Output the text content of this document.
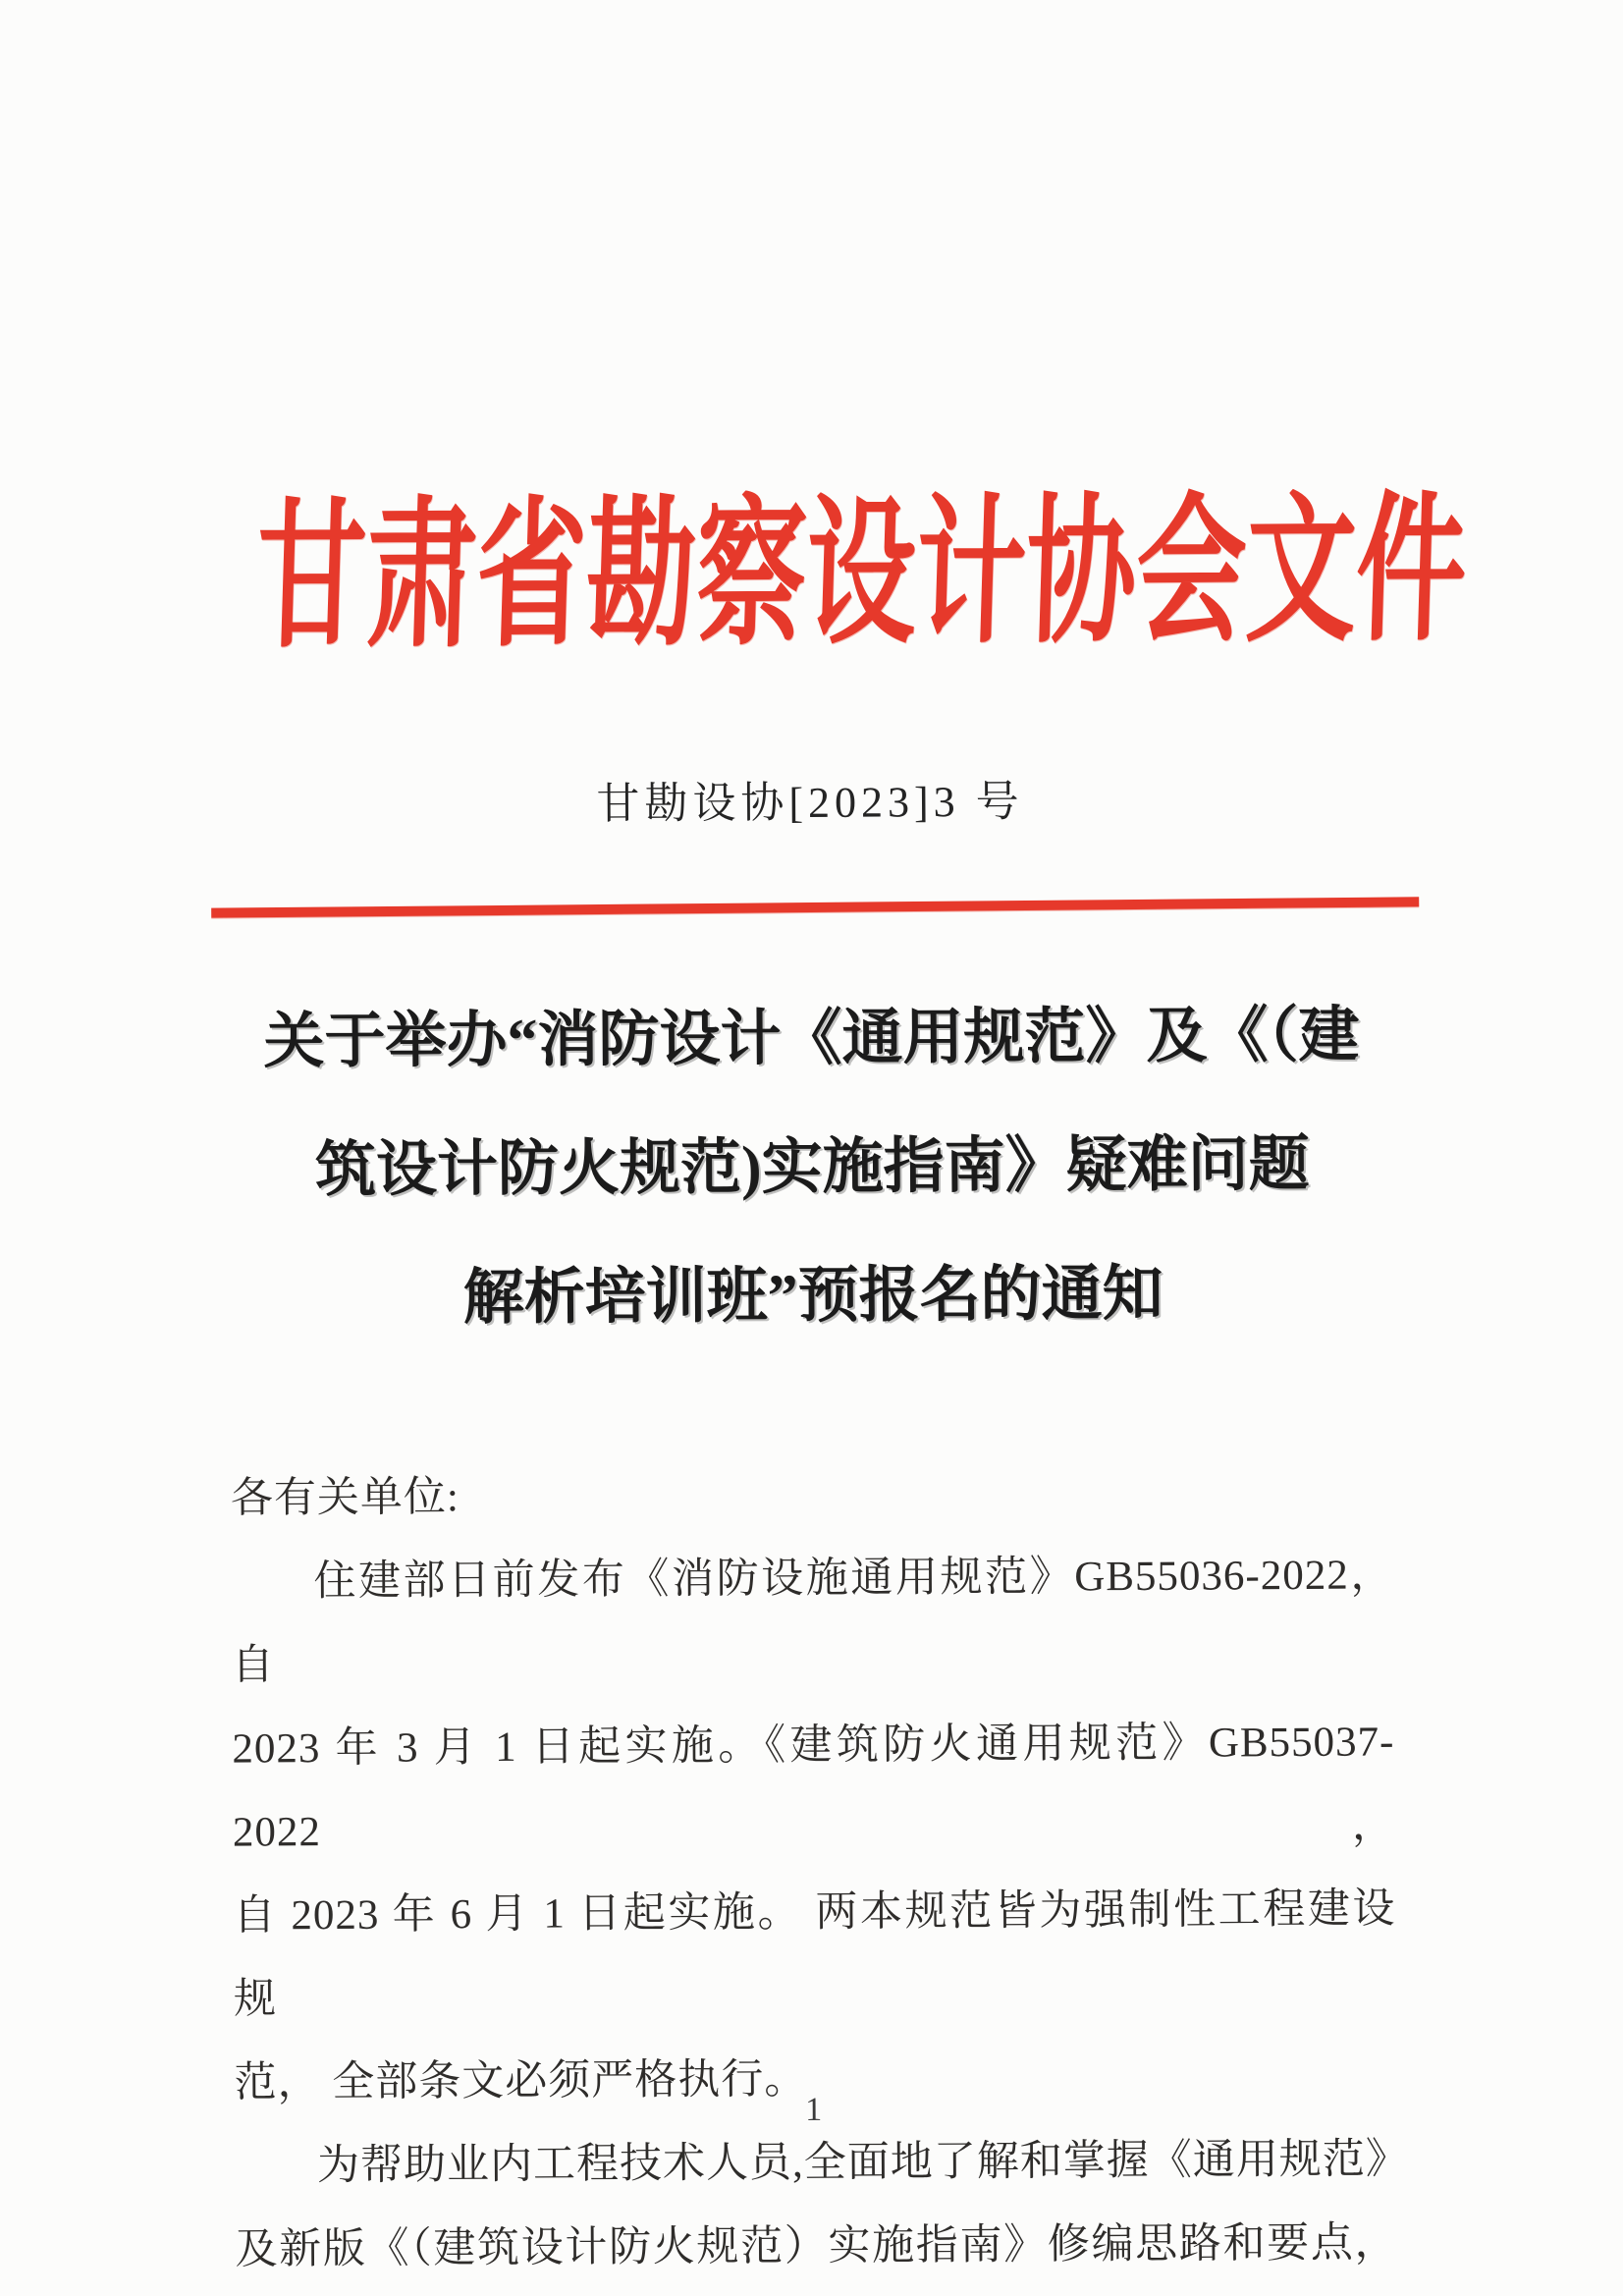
甘肃省勘察设计协会文件
甘勘设协[2023]3 号
关于举办“消防设计《通用规范》及《（建
筑设计防火规范)实施指南》疑难问题
解析培训班”预报名的通知
各有关单位:
住建部日前发布《消防设施通用规范》GB55036-2022，自
2023 年 3 月 1 日起实施。《建筑防火通用规范》GB55037-2022，
自 2023 年 6 月 1 日起实施。 两本规范皆为强制性工程建设规
范， 全部条文必须严格执行。
为帮助业内工程技术人员,全面地了解和掌握《通用规范》
及新版《（建筑设计防火规范）实施指南》修编思路和要点，
1
